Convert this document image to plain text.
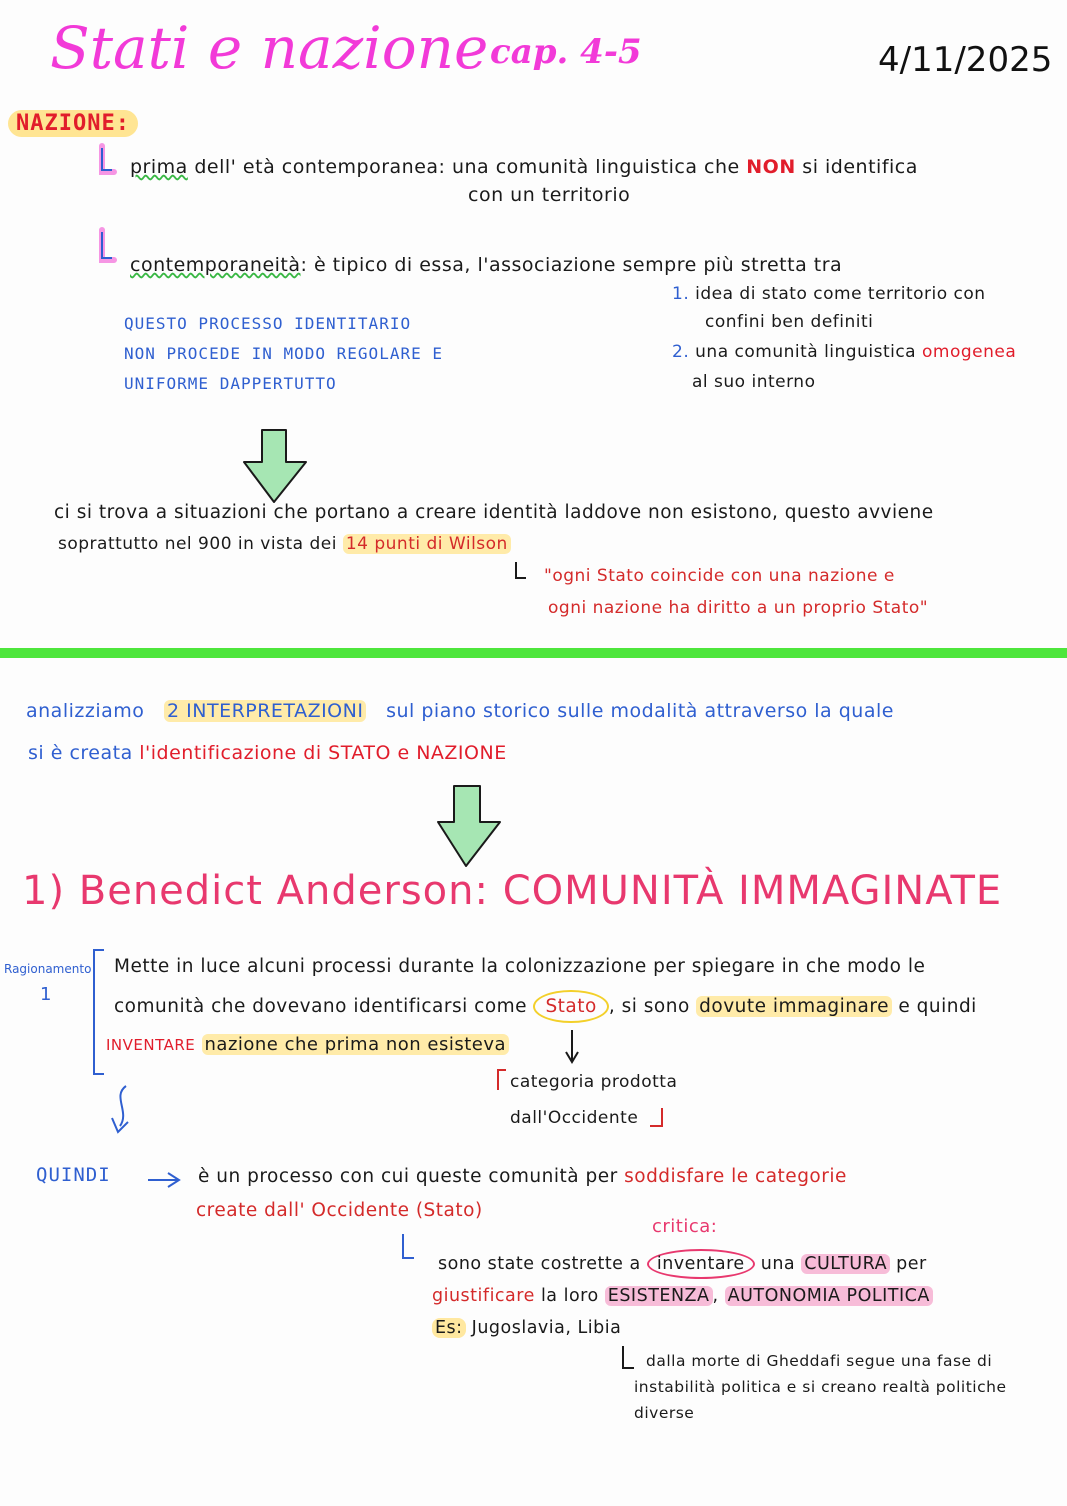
Stati e nazione cap. 4-5	4/11/2025
NAZIONE:
prima dell' età contemporanea: una comunità linguistica che NON si identifica
con un territorio
contemporaneità: è tipico di essa, l'associazione sempre più stretta tra
1. idea di stato come territorio con
confini ben definiti
2. una comunità linguistica omogenea
al suo interno
QUESTO PROCESSO IDENTITARIO
NON PROCEDE IN MODO REGOLARE E
UNIFORME DAPPERTUTTO
ci si trova a situazioni che portano a creare identità laddove non esistono, questo avviene
soprattutto nel 900 in vista dei 14 punti di Wilson
"ogni Stato coincide con una nazione e
ogni nazione ha diritto a un proprio Stato"
analizziamo 2 INTERPRETAZIONI sul piano storico sulle modalità attraverso la quale
si è creata l'identificazione di STATO e NAZIONE
1) Benedict Anderson: COMUNITÀ IMMAGINATE
Ragionamento
1
Mette in luce alcuni processi durante la colonizzazione per spiegare in che modo le
comunità che dovevano identificarsi come Stato , si sono dovute immaginare e quindi
INVENTARE nazione che prima non esisteva
categoria prodotta
dall'Occidente
QUINDI	è un processo con cui queste comunità per soddisfare le categorie
create dall' Occidente (Stato)
critica:
sono state costrette a inventare una CULTURA per
giustificare la loro ESISTENZA , AUTONOMIA POLITICA
Es: Jugoslavia, Libia
dalla morte di Gheddafi segue una fase di
instabilità politica e si creano realtà politiche
diverse
